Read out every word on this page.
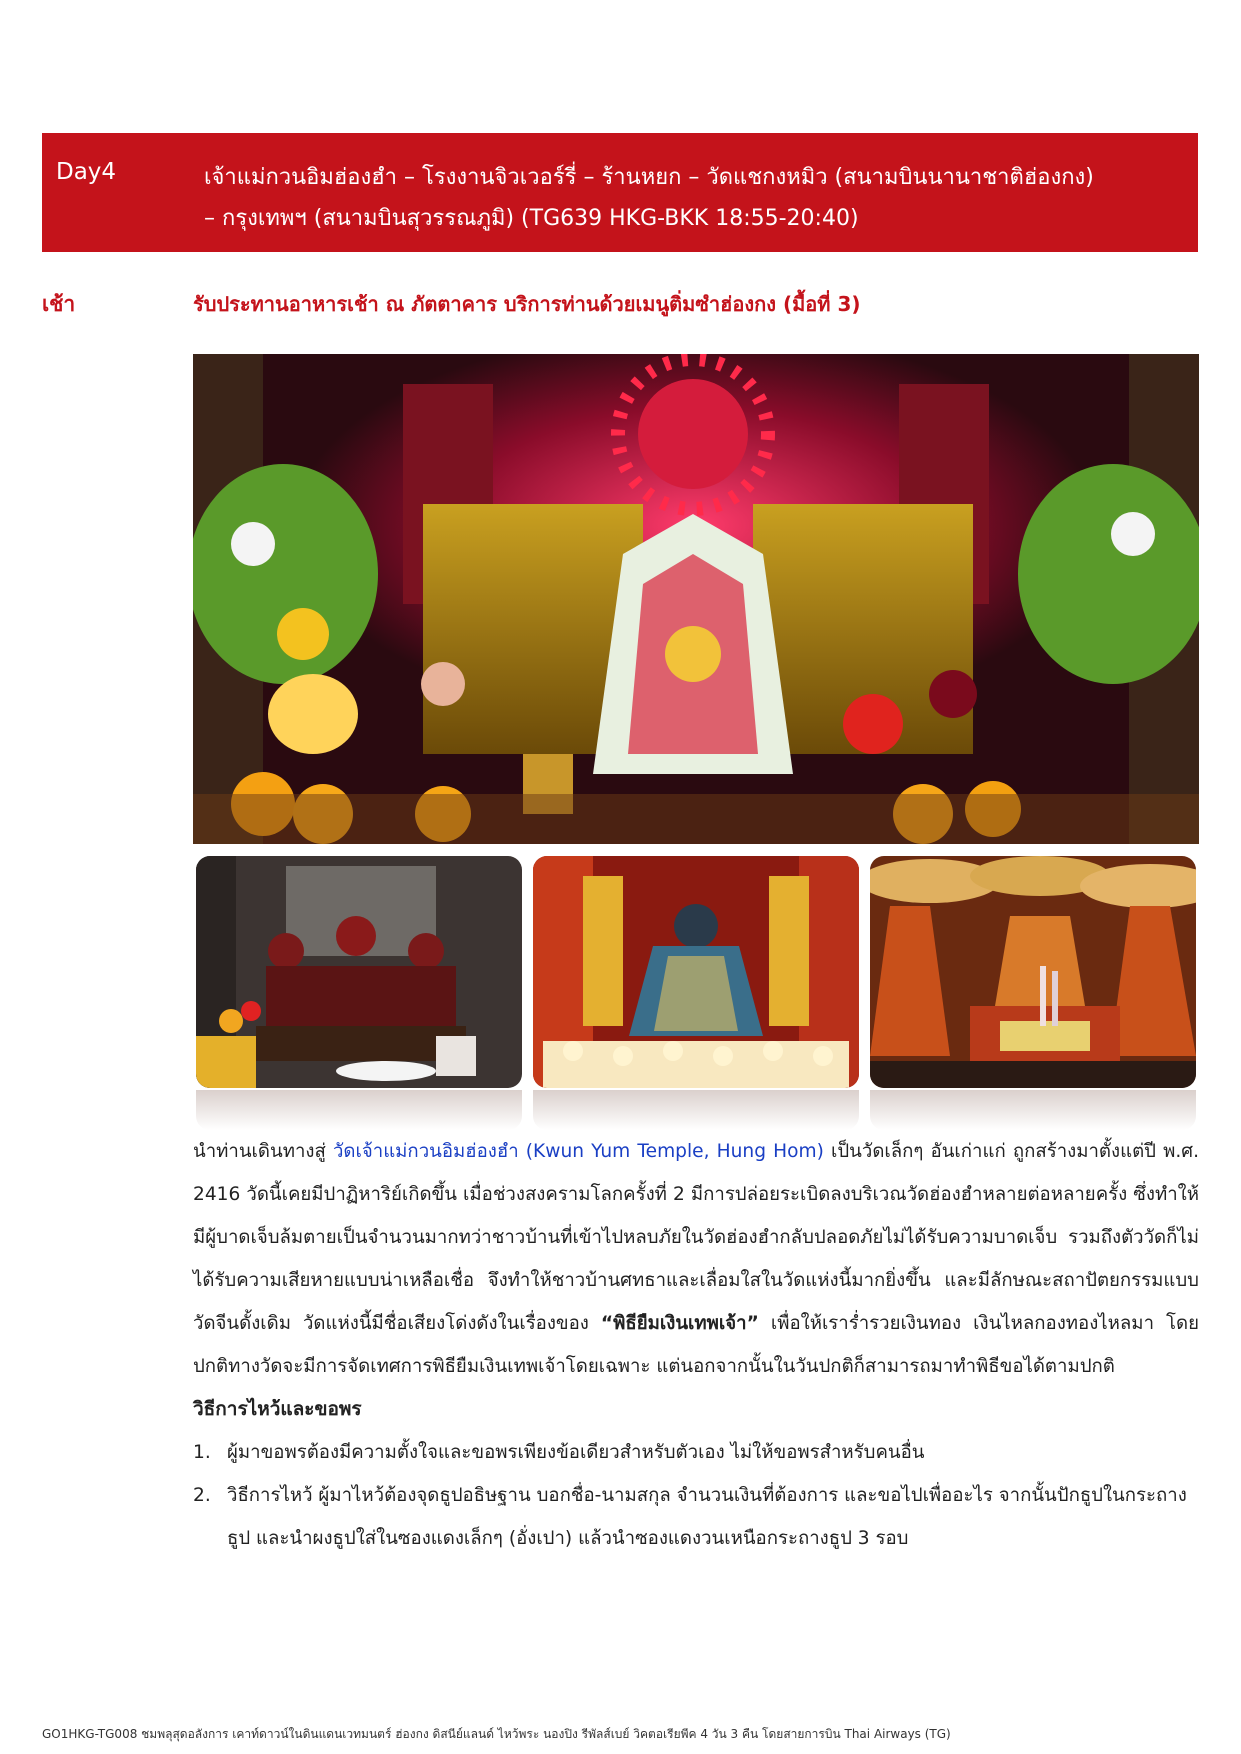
Day4	เจ้าแม่กวนอิมฮ่องฮำ – โรงงานจิวเวอร์รี่ – ร้านหยก – วัดแชกงหมิว (สนามบินนานาชาติฮ่องกง)
– กรุงเทพฯ (สนามบินสุวรรณภูมิ) (TG639 HKG-BKK 18:55-20:40)
เช้า	รับประทานอาหารเช้า ณ ภัตตาคาร บริการท่านด้วยเมนูติ่มซำฮ่องกง (มื้อที่ 3)

นำท่านเดินทางสู่ วัดเจ้าแม่กวนอิมฮ่องฮำ (Kwun Yum Temple, Hung Hom) เป็นวัดเล็กๆ อันเก่าแก่ ถูกสร้างมาตั้งแต่ปี พ.ศ. 2416 วัดนี้เคยมีปาฏิหาริย์เกิดขึ้น เมื่อช่วงสงครามโลกครั้งที่ 2 มีการปล่อยระเบิดลงบริเวณวัดฮ่องฮำหลายต่อหลายครั้ง ซึ่งทำให้มีผู้บาดเจ็บล้มตายเป็นจำนวนมากทว่าชาวบ้านที่เข้าไปหลบภัยในวัดฮ่องฮำกลับปลอดภัยไม่ได้รับความบาดเจ็บ รวมถึงตัววัดก็ไม่ได้รับความเสียหายแบบน่าเหลือเชื่อ จึงทำให้ชาวบ้านศทธาและเลื่อมใสในวัดแห่งนี้มากยิ่งขึ้น และมีลักษณะสถาปัตยกรรมแบบวัดจีนดั้งเดิม วัดแห่งนี้มีชื่อเสียงโด่งดังในเรื่องของ “พิธียืมเงินเทพเจ้า” เพื่อให้เราร่ำรวยเงินทอง เงินไหลกองทองไหลมา โดยปกติทางวัดจะมีการจัดเทศการพิธียืมเงินเทพเจ้าโดยเฉพาะ แต่นอกจากนั้นในวันปกติก็สามารถมาทำพิธีขอได้ตามปกติ

วิธีการไหว้และขอพร

1. ผู้มาขอพรต้องมีความตั้งใจและขอพรเพียงข้อเดียวสำหรับตัวเอง ไม่ให้ขอพรสำหรับคนอื่น
2. วิธีการไหว้ ผู้มาไหว้ต้องจุดธูปอธิษฐาน บอกชื่อ-นามสกุล จำนวนเงินที่ต้องการ และขอไปเพื่ออะไร จากนั้นปักธูปในกระถางธูป และนำผงธูปใส่ในซองแดงเล็กๆ (อั่งเปา) แล้วนำซองแดงวนเหนือกระถางธูป 3 รอบ
GO1HKG-TG008 ชมพลุสุดอลังการ เคาท์ดาวน์ในดินแดนเวทมนตร์ ฮ่องกง ดิสนีย์แลนด์ ไหว้พระ นองปิง รีพัลส์เบย์ วิคตอเรียพีค 4 วัน 3 คืน โดยสายการบิน Thai Airways (TG)
